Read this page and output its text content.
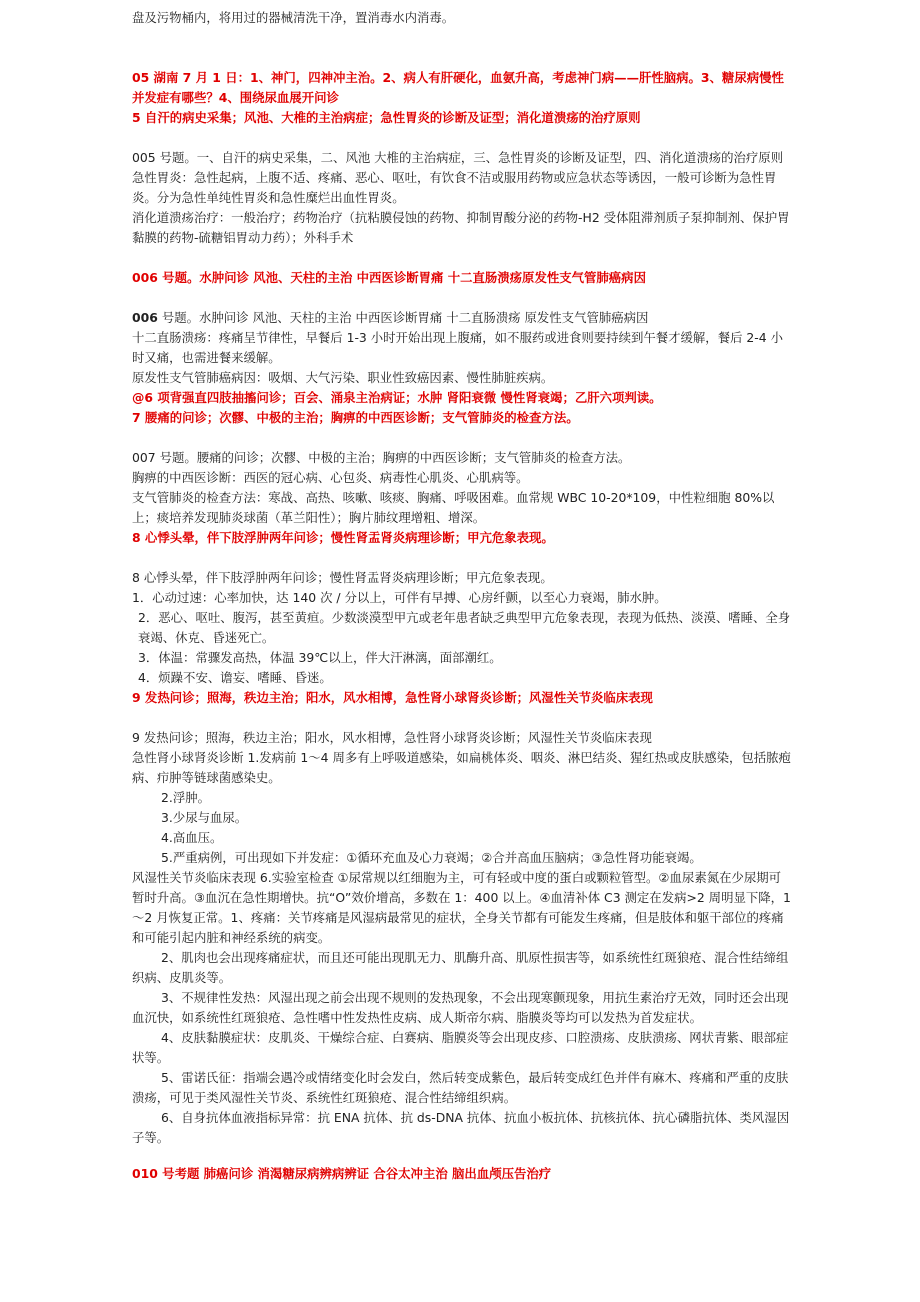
盘及污物桶内，将用过的器械清洗干净，置消毒水内消毒。

05 湖南 7 月 1 日：1、神门，四神冲主治。2、病人有肝硬化，血氨升高，考虑神门病——肝性脑病。3、糖尿病慢性并发症有哪些？4、围绕尿血展开问诊

5 自汗的病史采集；风池、大椎的主治病症；急性胃炎的诊断及证型；消化道溃疡的治疗原则

005 号题。一、自汗的病史采集，二、风池 大椎的主治病症，三、急性胃炎的诊断及证型，四、消化道溃疡的治疗原则

急性胃炎：急性起病，上腹不适、疼痛、恶心、呕吐，有饮食不洁或服用药物或应急状态等诱因，一般可诊断为急性胃炎。分为急性单纯性胃炎和急性糜烂出血性胃炎。

消化道溃疡治疗：一般治疗；药物治疗（抗粘膜侵蚀的药物、抑制胃酸分泌的药物-H2 受体阻滞剂质子泵抑制剂、保护胃黏膜的药物-硫糖铝胃动力药）；外科手术

006 号题。水肿问诊 风池、天柱的主治 中西医诊断胃痛 十二直肠溃疡原发性支气管肺癌病因

006 号题。水肿问诊 风池、天柱的主治 中西医诊断胃痛 十二直肠溃疡 原发性支气管肺癌病因

十二直肠溃疡：疼痛呈节律性，早餐后 1-3 小时开始出现上腹痛，如不服药或进食则要持续到午餐才缓解，餐后 2-4 小时又痛，也需进餐来缓解。

原发性支气管肺癌病因：吸烟、大气污染、职业性致癌因素、慢性肺脏疾病。

@6 项背强直四肢抽搐问诊；百会、涌泉主治病证；水肿 肾阳衰微 慢性肾衰竭；乙肝六项判读。

7 腰痛的问诊；次髎、中极的主治；胸痹的中西医诊断；支气管肺炎的检查方法。

007 号题。腰痛的问诊；次髎、中极的主治；胸痹的中西医诊断；支气管肺炎的检查方法。

胸痹的中西医诊断：西医的冠心病、心包炎、病毒性心肌炎、心肌病等。

支气管肺炎的检查方法：寒战、高热、咳嗽、咳痰、胸痛、呼吸困难。血常规 WBC 10-20*109，中性粒细胞 80%以上；痰培养发现肺炎球菌（革兰阳性）；胸片肺纹理增粗、增深。

8 心悸头晕，伴下肢浮肿两年问诊；慢性肾盂肾炎病理诊断；甲亢危象表现。

8 心悸头晕，伴下肢浮肿两年问诊；慢性肾盂肾炎病理诊断；甲亢危象表现。

1．心动过速：心率加快，达 140 次 / 分以上，可伴有早搏、心房纤颤，以至心力衰竭，肺水肿。

2．恶心、呕吐、腹泻，甚至黄疸。少数淡漠型甲亢或老年患者缺乏典型甲亢危象表现，表现为低热、淡漠、嗜睡、全身衰竭、休克、昏迷死亡。

3．体温：常骤发高热，体温 39℃以上，伴大汗淋漓，面部潮红。

4．烦躁不安、谵妄、嗜睡、昏迷。

9 发热问诊；照海，秩边主治；阳水，风水相博，急性肾小球肾炎诊断；风湿性关节炎临床表现

9 发热问诊；照海，秩边主治；阳水，风水相博，急性肾小球肾炎诊断；风湿性关节炎临床表现

急性肾小球肾炎诊断 1.发病前 1～4 周多有上呼吸道感染，如扁桃体炎、咽炎、淋巴结炎、猩红热或皮肤感染，包括脓疱病、疖肿等链球菌感染史。

2.浮肿。

3.少尿与血尿。

4.高血压。

5.严重病例，可出现如下并发症：①循环充血及心力衰竭；②合并高血压脑病；③急性肾功能衰竭。

风湿性关节炎临床表现 6.实验室检查 ①尿常规以红细胞为主，可有轻或中度的蛋白或颗粒管型。②血尿素氮在少尿期可暂时升高。③血沉在急性期增快。抗“O”效价增高，多数在 1：400 以上。④血清补体 C3 测定在发病>2 周明显下降，1～2 月恢复正常。1、疼痛：关节疼痛是风湿病最常见的症状，全身关节都有可能发生疼痛，但是肢体和躯干部位的疼痛和可能引起内脏和神经系统的病变。

2、肌肉也会出现疼痛症状，而且还可能出现肌无力、肌酶升高、肌原性损害等，如系统性红斑狼疮、混合性结缔组织病、皮肌炎等。

3、不规律性发热：风湿出现之前会出现不规则的发热现象，不会出现寒颤现象，用抗生素治疗无效，同时还会出现血沉快，如系统性红斑狼疮、急性嗜中性发热性皮病、成人斯帝尔病、脂膜炎等均可以发热为首发症状。

4、皮肤黏膜症状：皮肌炎、干燥综合症、白赛病、脂膜炎等会出现皮疹、口腔溃疡、皮肤溃疡、网状青紫、眼部症状等。

5、雷诺氏征：指端会遇冷或情绪变化时会发白，然后转变成紫色，最后转变成红色并伴有麻木、疼痛和严重的皮肤溃疡，可见于类风湿性关节炎、系统性红斑狼疮、混合性结缔组织病。

6、自身抗体血液指标异常：抗 ENA 抗体、抗 ds-DNA 抗体、抗血小板抗体、抗核抗体、抗心磷脂抗体、类风湿因子等。

010 号考题 肺癌问诊 消渴糖尿病辨病辨证 合谷太冲主治 脑出血颅压告治疗
